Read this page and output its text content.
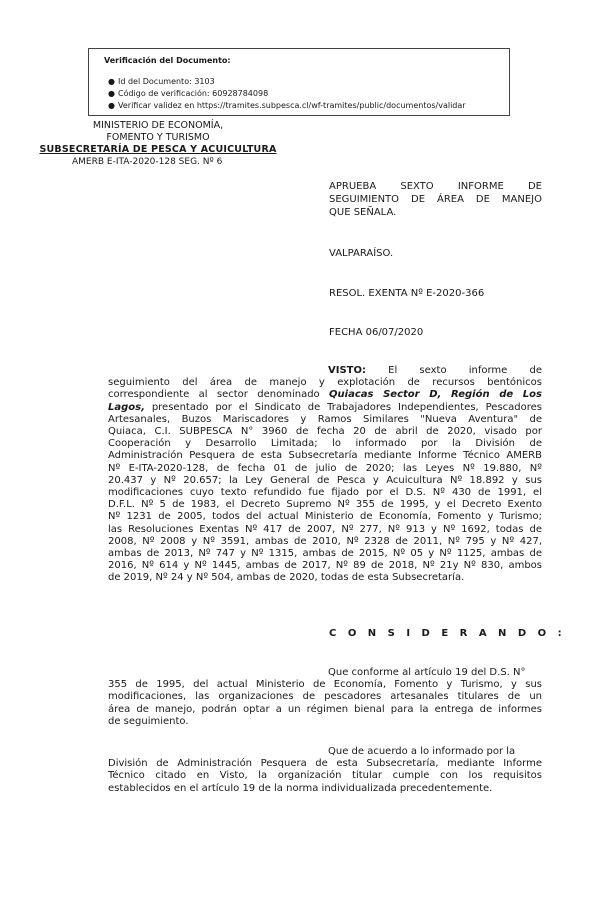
Verificación del Documento:
● Id del Documento: 3103
● Código de verificación: 60928784098
● Verificar validez en https://tramites.subpesca.cl/wf-tramites/public/documentos/validar
MINISTERIO DE ECONOMÍA,
FOMENTO Y TURISMO
SUBSECRETARÍA DE PESCA Y ACUICULTURA
AMERB E-ITA-2020-128 SEG. Nº 6
APRUEBA SEXTO INFORME DE
SEGUIMIENTO DE ÁREA DE MANEJO
QUE SEÑALA.
VALPARAÍSO.
RESOL. EXENTA Nº E-2020-366
FECHA 06/07/2020
VISTO: El sexto informe de
seguimiento del área de manejo y explotación de recursos bentónicos
correspondiente al sector denominado Quiacas Sector D, Región de Los
Lagos, presentado por el Sindicato de Trabajadores Independientes, Pescadores
Artesanales, Buzos Mariscadores y Ramos Similares "Nueva Aventura" de
Quiaca, C.I. SUBPESCA N° 3960 de fecha 20 de abril de 2020, visado por
Cooperación y Desarrollo Limitada; lo informado por la División de
Administración Pesquera de esta Subsecretaría mediante Informe Técnico AMERB
Nº E-ITA-2020-128, de fecha 01 de julio de 2020; las Leyes Nº 19.880, Nº
20.437 y Nº 20.657; la Ley General de Pesca y Acuicultura Nº 18.892 y sus
modificaciones cuyo texto refundido fue fijado por el D.S. Nº 430 de 1991, el
D.F.L. Nº 5 de 1983, el Decreto Supremo Nº 355 de 1995, y el Decreto Exento
Nº 1231 de 2005, todos del actual Ministerio de Economía, Fomento y Turismo;
las Resoluciones Exentas Nº 417 de 2007, Nº 277, Nº 913 y Nº 1692, todas de
2008, Nº 2008 y Nº 3591, ambas de 2010, Nº 2328 de 2011, Nº 795 y Nº 427,
ambas de 2013, Nº 747 y Nº 1315, ambas de 2015, Nº 05 y Nº 1125, ambas de
2016, Nº 614 y Nº 1445, ambas de 2017, Nº 89 de 2018, Nº 21y Nº 830, ambos
de 2019, Nº 24 y Nº 504, ambas de 2020, todas de esta Subsecretaría.
C O N S I D E R A N D O :
Que conforme al artículo 19 del D.S. N°
355 de 1995, del actual Ministerio de Economía, Fomento y Turismo, y sus
modificaciones, las organizaciones de pescadores artesanales titulares de un
área de manejo, podrán optar a un régimen bienal para la entrega de informes
de seguimiento.
Que de acuerdo a lo informado por la
División de Administración Pesquera de esta Subsecretaría, mediante Informe
Técnico citado en Visto, la organización titular cumple con los requisitos
establecidos en el artículo 19 de la norma individualizada precedentemente.
